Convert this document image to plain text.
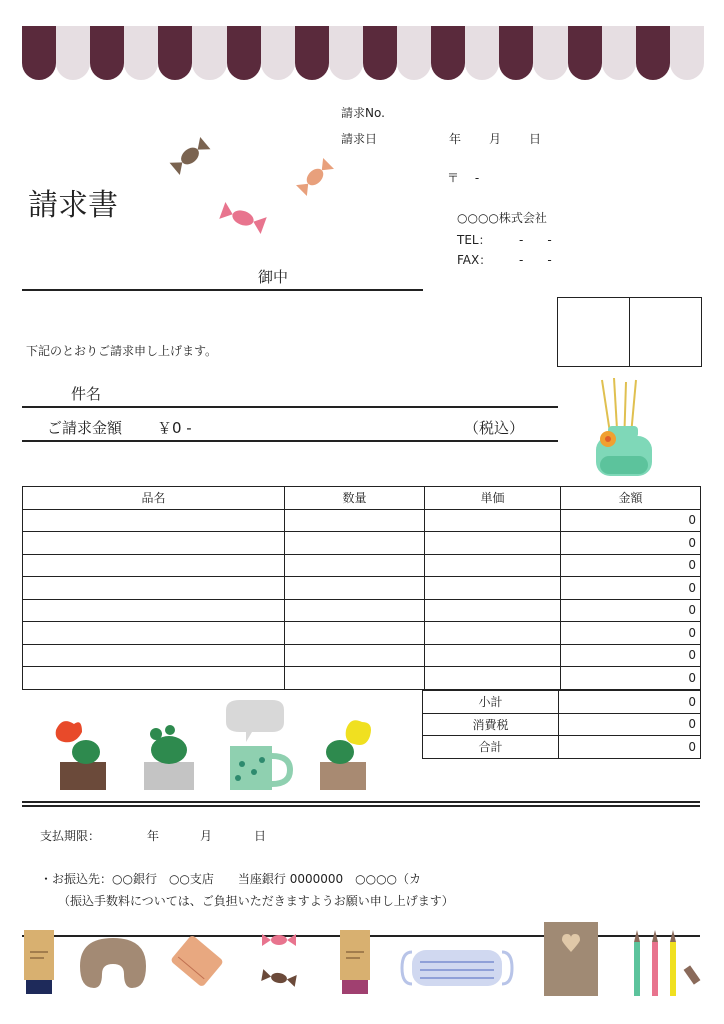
請求No.
請求日	年 月 日
請求書
〒　 -
○○○○株式会社
TEL： -　　-
FAX： -　　-
御中
下記のとおりご請求申し上げます。
件名
ご請求金額 ￥0 -	（税込）
品名	数量	単価	金額
			0
			0
			0
			0
			0
			0
			0
			0
小計	0
消費税	0
合計	0
支払期限：	年	月	日
・お振込先：○○銀行　○○支店　　当座銀行 0000000　○○○○（カ
（振込手数料については、ご負担いただきますようお願い申し上げます）
